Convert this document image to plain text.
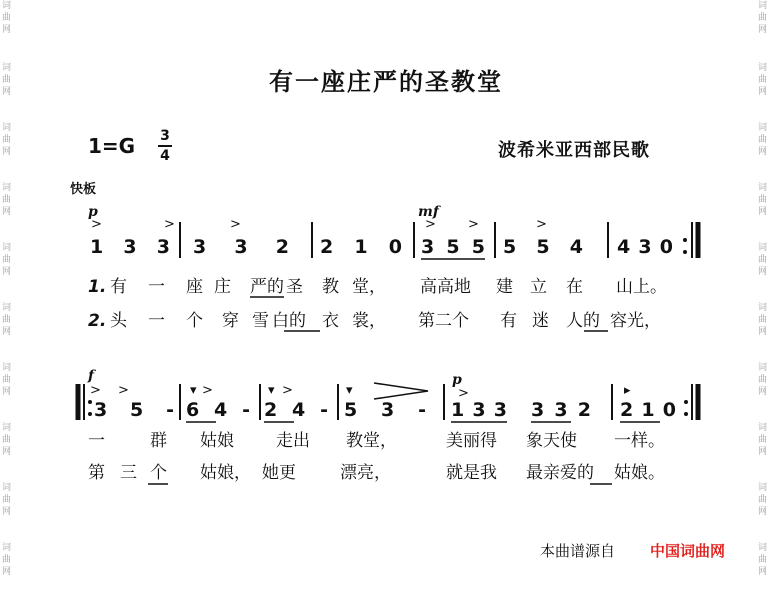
词
曲
网
词
曲
网
词
曲
网
词
曲
网
词
曲
网
词
曲
网
词
曲
网
词
曲
网
词
曲
网
词
曲
网
词
曲
网
词
曲
网
词
曲
网
词
曲
网
词
曲
网
词
曲
网
词
曲
网
词
曲
网
词
曲
网
词
曲
网
有一座庄严的圣教堂
1=G 3
4	波希米亚西部民歌
快板
p	mf
>	>
>	> >	>
1 3 3 3 3 2 2 1 0 3 5 5 5 5 4 4 3 0
1. 有 一 座 庄 严的 圣 教 堂， 高高地 建 立 在 山上。
2. 头 一 个 穿 雪 白的 衣 裳， 第二个 有 迷 人的 容光，
f	p
> >	▾ >	▾ >	▾	>	▸
3 5 - 6 4 - 2 4 - 5 3 - 1 3 3 3 3 2 2 1 0
一	群 姑娘 走出 教堂，	美丽得 象天使 一样。
第 三 个 姑娘， 她更	漂亮，	就是我 最亲爱的 姑娘。
本曲谱源自 中国词曲网
